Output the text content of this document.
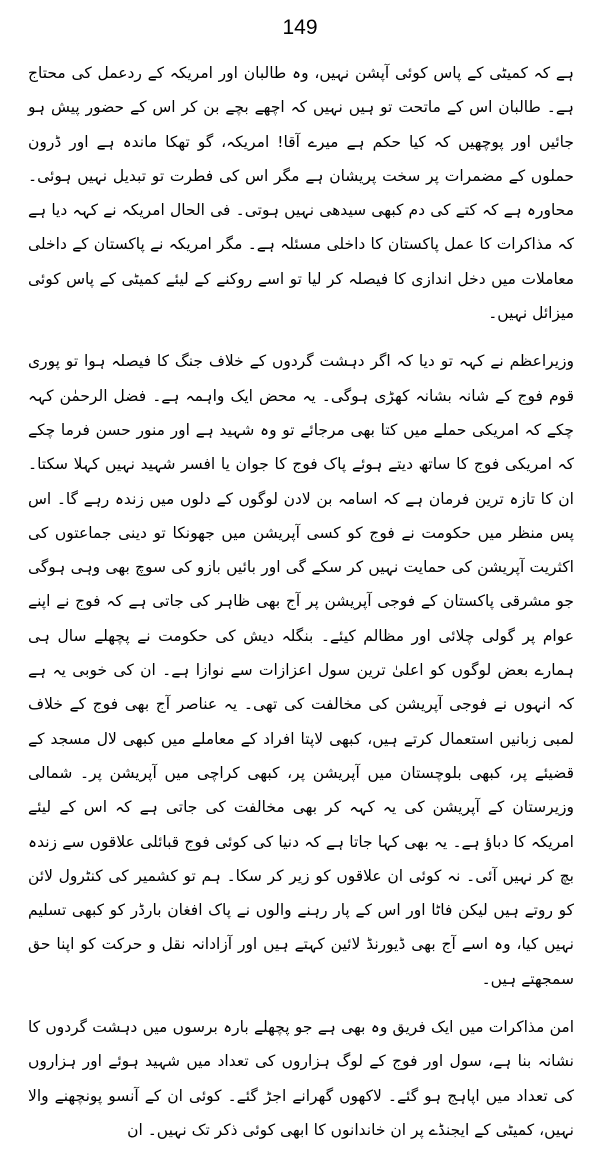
149

ہے کہ کمیٹی کے پاس کوئی آپشن نہیں، وہ طالبان اور امریکہ کے ردعمل کی محتاج ہے۔ طالبان اس کے ماتحت تو ہیں نہیں کہ اچھے بچے بن کر اس کے حضور پیش ہو جائیں اور پوچھیں کہ کیا حکم ہے میرے آقا! امریکہ، گو تھکا ماندہ ہے اور ڈرون حملوں کے مضمرات پر سخت پریشان ہے مگر اس کی فطرت تو تبدیل نہیں ہوئی۔ محاورہ ہے کہ کتے کی دم کبھی سیدھی نہیں ہوتی۔ فی الحال امریکہ نے کہہ دیا ہے کہ مذاکرات کا عمل پاکستان کا داخلی مسئلہ ہے۔ مگر امریکہ نے پاکستان کے داخلی معاملات میں دخل اندازی کا فیصلہ کر لیا تو اسے روکنے کے لیئے کمیٹی کے پاس کوئی میزائل نہیں۔

وزیراعظم نے کہہ تو دیا کہ اگر دہشت گردوں کے خلاف جنگ کا فیصلہ ہوا تو پوری قوم فوج کے شانہ بشانہ کھڑی ہوگی۔ یہ محض ایک واہمہ ہے۔ فضل الرحمٰن کہہ چکے کہ امریکی حملے میں کتا بھی مرجائے تو وہ شہید ہے اور منور حسن فرما چکے کہ امریکی فوج کا ساتھ دیتے ہوئے پاک فوج کا جوان یا افسر شہید نہیں کہلا سکتا۔ ان کا تازہ ترین فرمان ہے کہ اسامہ بن لادن لوگوں کے دلوں میں زندہ رہے گا۔ اس پس منظر میں حکومت نے فوج کو کسی آپریشن میں جھونکا تو دینی جماعتوں کی اکثریت آپریشن کی حمایت نہیں کر سکے گی اور بائیں بازو کی سوچ بھی وہی ہوگی جو مشرقی پاکستان کے فوجی آپریشن پر آج بھی ظاہر کی جاتی ہے کہ فوج نے اپنے عوام پر گولی چلائی اور مظالم کیئے۔ بنگلہ دیش کی حکومت نے پچھلے سال ہی ہمارے بعض لوگوں کو اعلیٰ ترین سول اعزازات سے نوازا ہے۔ ان کی خوبی یہ ہے کہ انہوں نے فوجی آپریشن کی مخالفت کی تھی۔ یہ عناصر آج بھی فوج کے خلاف لمبی زبانیں استعمال کرتے ہیں، کبھی لاپتا افراد کے معاملے میں کبھی لال مسجد کے قضیئے پر، کبھی بلوچستان میں آپریشن پر، کبھی کراچی میں آپریشن پر۔ شمالی وزیرستان کے آپریشن کی یہ کہہ کر بھی مخالفت کی جاتی ہے کہ اس کے لیئے امریکہ کا دباؤ ہے۔ یہ بھی کہا جاتا ہے کہ دنیا کی کوئی فوج قبائلی علاقوں سے زندہ بچ کر نہیں آئی۔ نہ کوئی ان علاقوں کو زیر کر سکا۔ ہم تو کشمیر کی کنٹرول لائن کو روتے ہیں لیکن فاٹا اور اس کے پار رہنے والوں نے پاک افغان بارڈر کو کبھی تسلیم نہیں کیا، وہ اسے آج بھی ڈیورنڈ لائین کہتے ہیں اور آزادانہ نقل و حرکت کو اپنا حق سمجھتے ہیں۔

امن مذاکرات میں ایک فریق وہ بھی ہے جو پچھلے بارہ برسوں میں دہشت گردوں کا نشانہ بنا ہے، سول اور فوج کے لوگ ہزاروں کی تعداد میں شہید ہوئے اور ہزاروں کی تعداد میں اپاہج ہو گئے۔ لاکھوں گھرانے اجڑ گئے۔ کوئی ان کے آنسو پونچھنے والا نہیں، کمیٹی کے ایجنڈے پر ان خاندانوں کا ابھی کوئی ذکر تک نہیں۔ ان
